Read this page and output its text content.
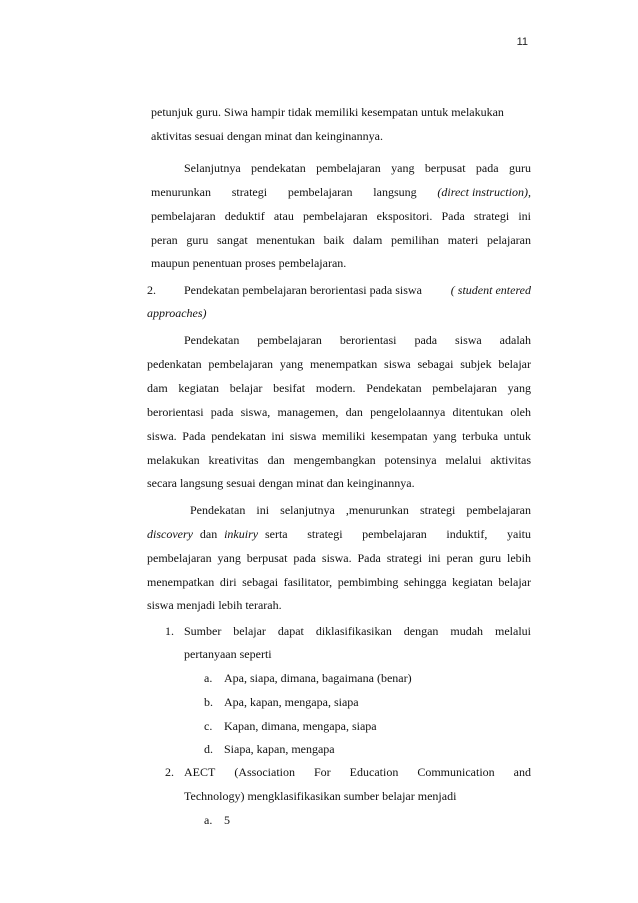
11
petunjuk guru. Siwa hampir tidak memiliki kesempatan untuk melakukan
aktivitas sesuai dengan minat dan keinginannya.
Selanjutnya pendekatan pembelajaran yang berpusat pada guru
menurunkan strategi pembelajaran langsung (direct instruction),
pembelajaran deduktif atau pembelajaran ekspositori. Pada strategi ini
peran guru sangat menentukan baik dalam pemilihan materi pelajaran
maupun penentuan proses pembelajaran.
2. Pendekatan pembelajaran berorientasi pada siswa ( student entered
approaches)
Pendekatan pembelajaran berorientasi pada siswa adalah
pedenkatan pembelajaran yang menempatkan siswa sebagai subjek belajar
dam kegiatan belajar besifat modern. Pendekatan pembelajaran yang
berorientasi pada siswa, managemen, dan pengelolaannya ditentukan oleh
siswa. Pada pendekatan ini siswa memiliki kesempatan yang terbuka untuk
melakukan kreativitas dan mengembangkan potensinya melalui aktivitas
secara langsung sesuai dengan minat dan keinginannya.
Pendekatan ini selanjutnya ,menurunkan strategi pembelajaran
discovery dan inkuiry serta strategi pembelajaran induktif, yaitu
pembelajaran yang berpusat pada siswa. Pada strategi ini peran guru lebih
menempatkan diri sebagai fasilitator, pembimbing sehingga kegiatan belajar
siswa menjadi lebih terarah.
1. Sumber belajar dapat diklasifikasikan dengan mudah melalui
pertanyaan seperti
a. Apa, siapa, dimana, bagaimana (benar)
b. Apa, kapan, mengapa, siapa
c. Kapan, dimana, mengapa, siapa
d. Siapa, kapan, mengapa
2. AECT (Association For Education Communication and
Technology) mengklasifikasikan sumber belajar menjadi
a. 5
